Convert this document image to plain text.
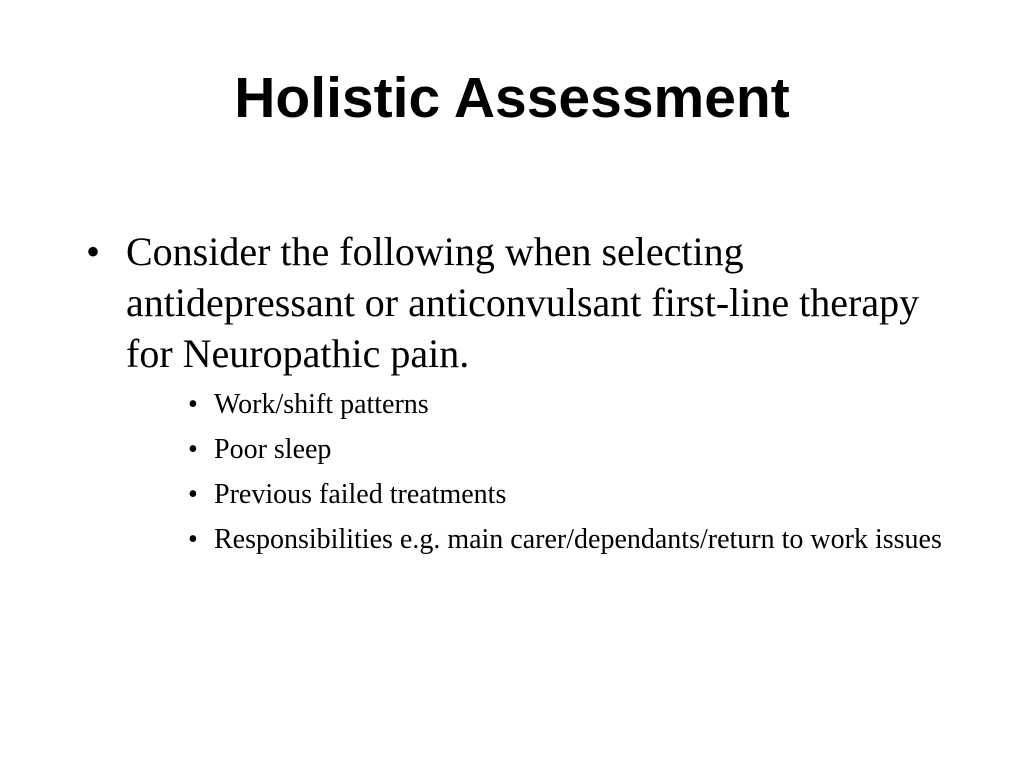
Holistic Assessment
• Consider the following when selecting antidepressant or anticonvulsant first-line therapy for Neuropathic pain.
• Work/shift patterns
• Poor sleep
• Previous failed treatments
• Responsibilities e.g. main carer/dependants/return to work issues
